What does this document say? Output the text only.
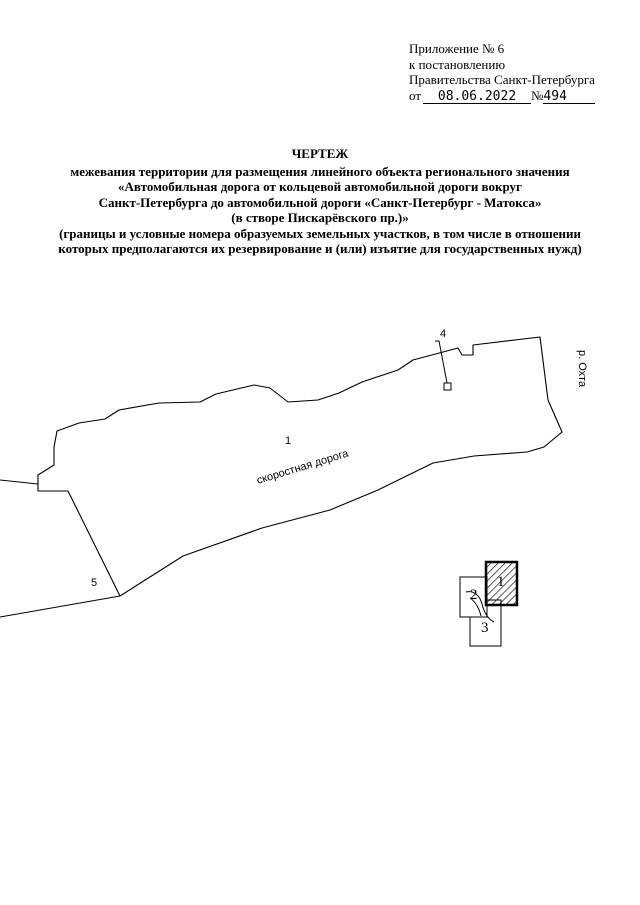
Приложение № 6
к постановлению
Правительства Санкт-Петербурга
от 08.06.2022 №494
ЧЕРТЕЖ
межевания территории для размещения линейного объекта регионального значения
«Автомобильная дорога от кольцевой автомобильной дороги вокруг
Санкт-Петербурга до автомобильной дороги «Санкт-Петербург - Матокса»
(в створе Пискарёвского пр.)»
(границы и условные номера образуемых земельных участков, в том числе в отношении
которых предполагаются их резервирование и (или) изъятие для государственных нужд)
1
скоростная дорога
4
5
р. Охта
1
2
3
